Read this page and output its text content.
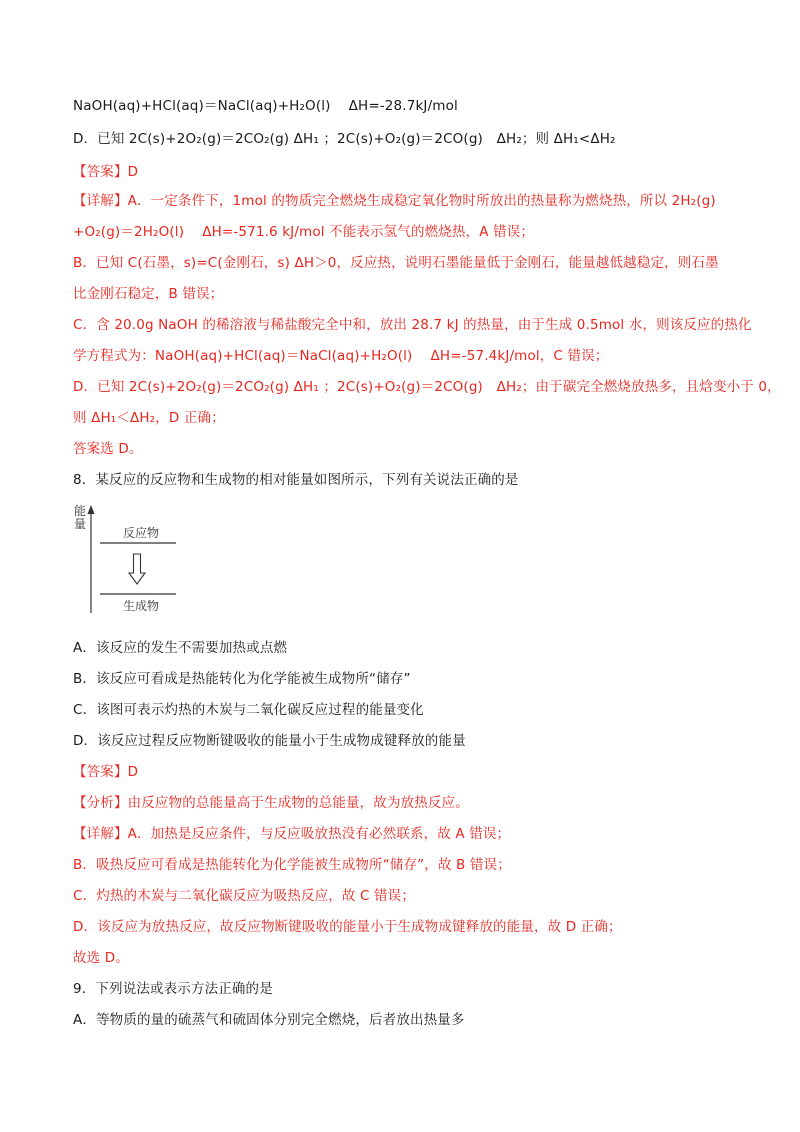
NaOH(aq)+HCl(aq)＝NaCl(aq)+H₂O(l)　 ΔH=-28.7kJ/mol
D．已知 2C(s)+2O₂(g)＝2CO₂(g) ΔH₁ ；2C(s)+O₂(g)＝2CO(g)　ΔH₂；则 ΔH₁<ΔH₂
【答案】D
【详解】A．一定条件下，1mol 的物质完全燃烧生成稳定氧化物时所放出的热量称为燃烧热，所以 2H₂(g)
+O₂(g)＝2H₂O(l)　 ΔH=-571.6 kJ/mol 不能表示氢气的燃烧热，A 错误；
B．已知 C(石墨，s)=C(金刚石，s) ΔH＞0，反应热，说明石墨能量低于金刚石，能量越低越稳定，则石墨
比金刚石稳定，B 错误；
C．含 20.0g NaOH 的稀溶液与稀盐酸完全中和，放出 28.7 kJ 的热量，由于生成 0.5mol 水，则该反应的热化
学方程式为：NaOH(aq)+HCl(aq)＝NaCl(aq)+H₂O(l)　 ΔH=-57.4kJ/mol，C 错误；
D．已知 2C(s)+2O₂(g)＝2CO₂(g) ΔH₁ ；2C(s)+O₂(g)＝2CO(g)　ΔH₂；由于碳完全燃烧放热多，且焓变小于 0，
则 ΔH₁＜ΔH₂，D 正确；
答案选 D。
8．某反应的反应物和生成物的相对能量如图所示，下列有关说法正确的是
能量
反应物
生成物
A．该反应的发生不需要加热或点燃
B．该反应可看成是热能转化为化学能被生成物所“储存”
C．该图可表示灼热的木炭与二氧化碳反应过程的能量变化
D．该反应过程反应物断键吸收的能量小于生成物成键释放的能量
【答案】D
【分析】由反应物的总能量高于生成物的总能量，故为放热反应。
【详解】A．加热是反应条件，与反应吸放热没有必然联系，故 A 错误；
B．吸热反应可看成是热能转化为化学能被生成物所“储存”，故 B 错误；
C．灼热的木炭与二氧化碳反应为吸热反应，故 C 错误；
D．该反应为放热反应，故反应物断键吸收的能量小于生成物成键释放的能量，故 D 正确；
故选 D。
9．下列说法或表示方法正确的是
A．等物质的量的硫蒸气和硫固体分别完全燃烧，后者放出热量多
